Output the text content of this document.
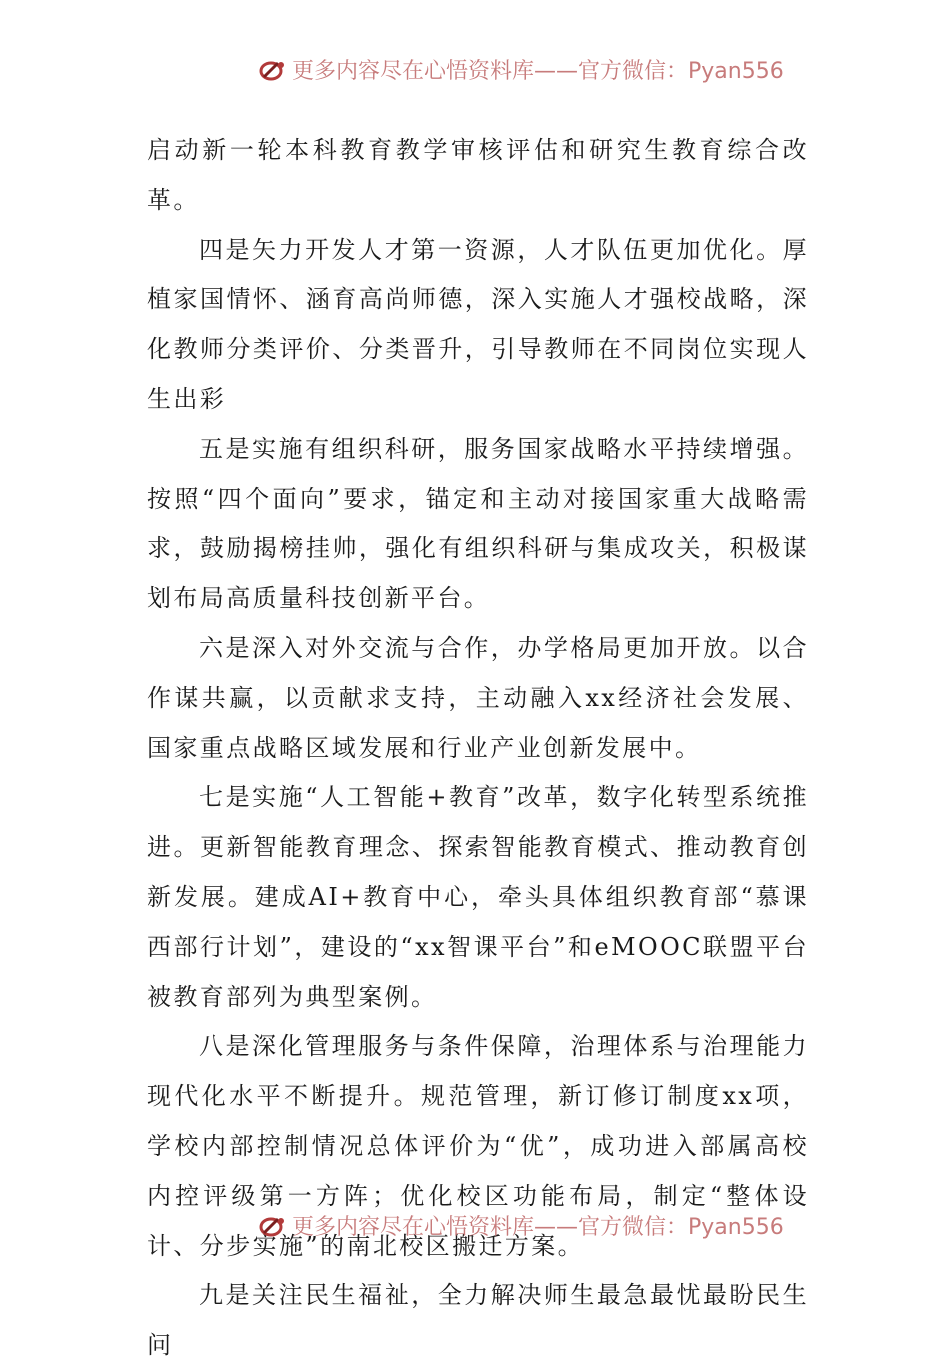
更多内容尽在心悟资料库——官方微信：Pyan556

启动新一轮本科教育教学审核评估和研究生教育综合改革。

四是矢力开发人才第一资源，人才队伍更加优化。厚植家国情怀、涵育高尚师德，深入实施人才强校战略，深化教师分类评价、分类晋升，引导教师在不同岗位实现人生出彩

五是实施有组织科研，服务国家战略水平持续增强。按照“四个面向”要求，锚定和主动对接国家重大战略需求，鼓励揭榜挂帅，强化有组织科研与集成攻关，积极谋划布局高质量科技创新平台。

六是深入对外交流与合作，办学格局更加开放。以合作谋共赢，以贡献求支持，主动融入xx经济社会发展、国家重点战略区域发展和行业产业创新发展中。

七是实施“人工智能+教育”改革，数字化转型系统推进。更新智能教育理念、探索智能教育模式、推动教育创新发展。建成AI+教育中心，牵头具体组织教育部“慕课西部行计划”，建设的“xx智课平台”和eMOOC联盟平台被教育部列为典型案例。

八是深化管理服务与条件保障，治理体系与治理能力现代化水平不断提升。规范管理，新订修订制度xx项，学校内部控制情况总体评价为“优”，成功进入部属高校内控评级第一方阵；优化校区功能布局，制定“整体设计、分步实施”的南北校区搬迁方案。

九是关注民生福祉，全力解决师生最急最忧最盼民生问

更多内容尽在心悟资料库——官方微信：Pyan556
